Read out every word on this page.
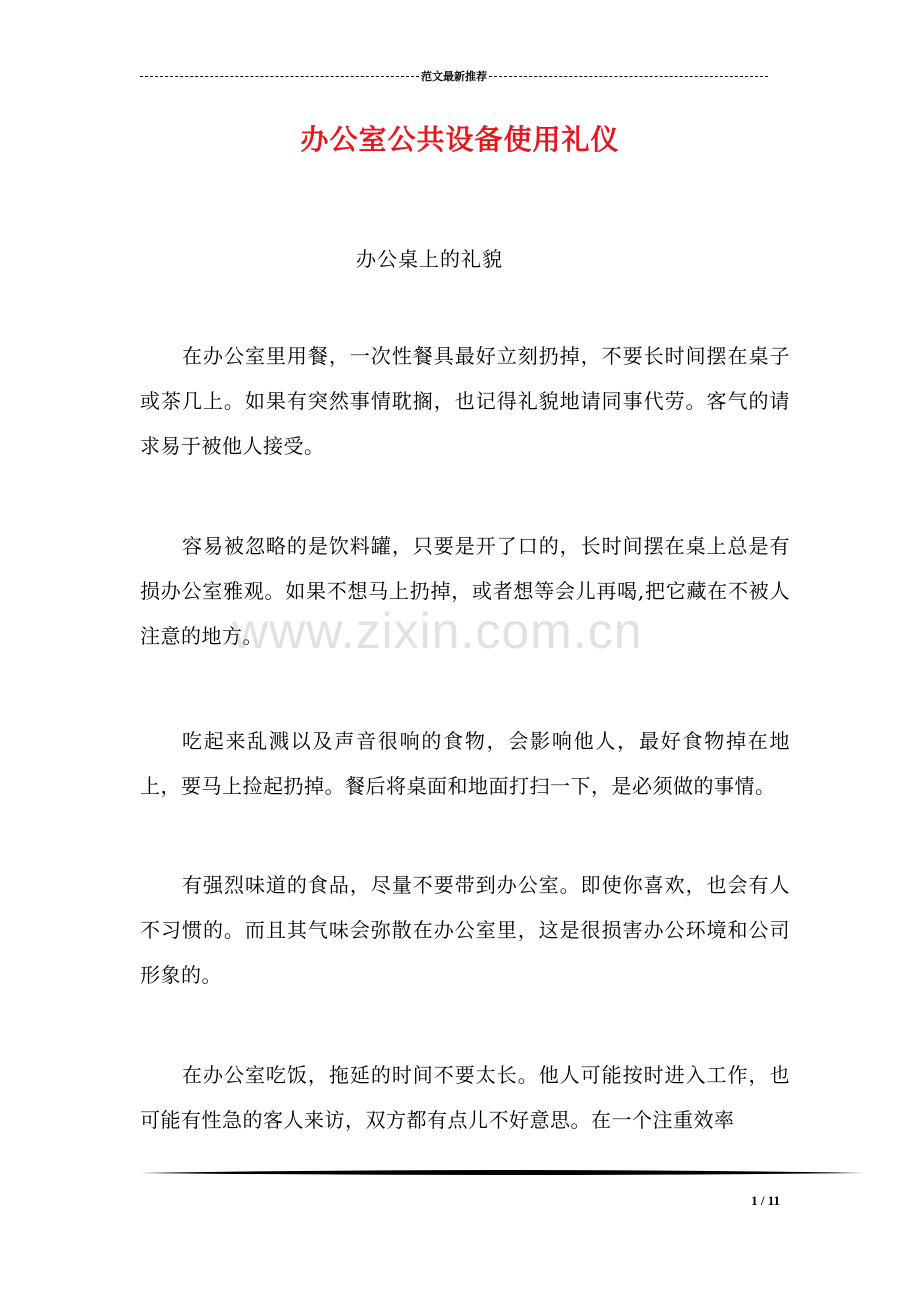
范文最新推荐
办公室公共设备使用礼仪
办公桌上的礼貌
在办公室里用餐，一次性餐具最好立刻扔掉，不要长时间摆在桌子或茶几上。如果有突然事情耽搁，也记得礼貌地请同事代劳。客气的请求易于被他人接受。
容易被忽略的是饮料罐，只要是开了口的，长时间摆在桌上总是有损办公室雅观。如果不想马上扔掉，或者想等会儿再喝,把它藏在不被人注意的地方。
吃起来乱溅以及声音很响的食物，会影响他人，最好食物掉在地上，要马上捡起扔掉。餐后将桌面和地面打扫一下，是必须做的事情。
有强烈味道的食品，尽量不要带到办公室。即使你喜欢，也会有人不习惯的。而且其气味会弥散在办公室里，这是很损害办公环境和公司形象的。
在办公室吃饭，拖延的时间不要太长。他人可能按时进入工作，也可能有性急的客人来访，双方都有点儿不好意思。在一个注重效率
www.zixin.com.cn
1 / 11
